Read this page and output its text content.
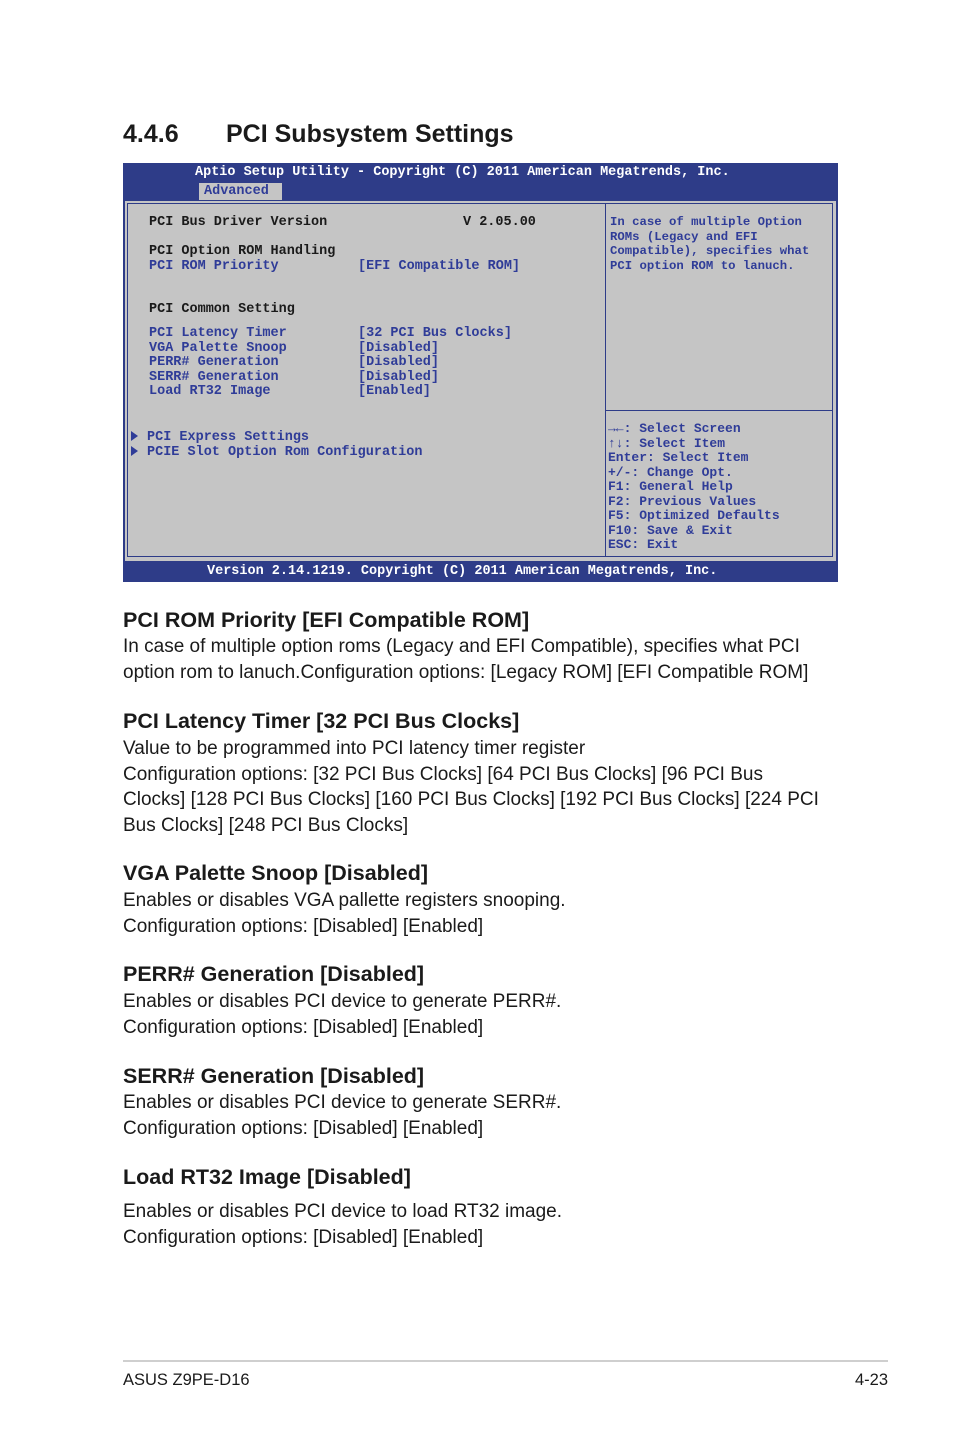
4.4.6 PCI Subsystem Settings
Aptio Setup Utility - Copyright (C) 2011 American Megatrends, Inc.
Advanced
PCI Bus Driver Version	V 2.05.00
PCI Option ROM Handling
PCI ROM Priority	[EFI Compatible ROM]
PCI Common Setting
PCI Latency Timer	[32 PCI Bus Clocks]
VGA Palette Snoop	[Disabled]
PERR# Generation	[Disabled]
SERR# Generation	[Disabled]
Load RT32 Image	[Enabled]
PCI Express Settings
PCIE Slot Option Rom Configuration
In case of multiple Option
ROMs (Legacy and EFI
Compatible), specifies what
PCI option ROM to lanuch.
→←: Select Screen
↑↓: Select Item
Enter: Select Item
+/-: Change Opt.
F1: General Help
F2: Previous Values
F5: Optimized Defaults
F10: Save & Exit
ESC: Exit
Version 2.14.1219. Copyright (C) 2011 American Megatrends, Inc.
PCI ROM Priority [EFI Compatible ROM]

In case of multiple option roms (Legacy and EFI Compatible), specifies what PCI
option rom to lanuch.Configuration options: [Legacy ROM] [EFI Compatible ROM]

PCI Latency Timer [32 PCI Bus Clocks]

Value to be programmed into PCI latency timer register
Configuration options: [32 PCI Bus Clocks] [64 PCI Bus Clocks] [96 PCI Bus
Clocks] [128 PCI Bus Clocks] [160 PCI Bus Clocks] [192 PCI Bus Clocks] [224 PCI
Bus Clocks] [248 PCI Bus Clocks]

VGA Palette Snoop [Disabled]

Enables or disables VGA pallette registers snooping.
Configuration options: [Disabled] [Enabled]

PERR# Generation [Disabled]

Enables or disables PCI device to generate PERR#.
Configuration options: [Disabled] [Enabled]

SERR# Generation [Disabled]

Enables or disables PCI device to generate SERR#.
Configuration options: [Disabled] [Enabled]

Load RT32 Image [Disabled]

Enables or disables PCI device to load RT32 image.
Configuration options: [Disabled] [Enabled]

ASUS Z9PE-D16	4-23
